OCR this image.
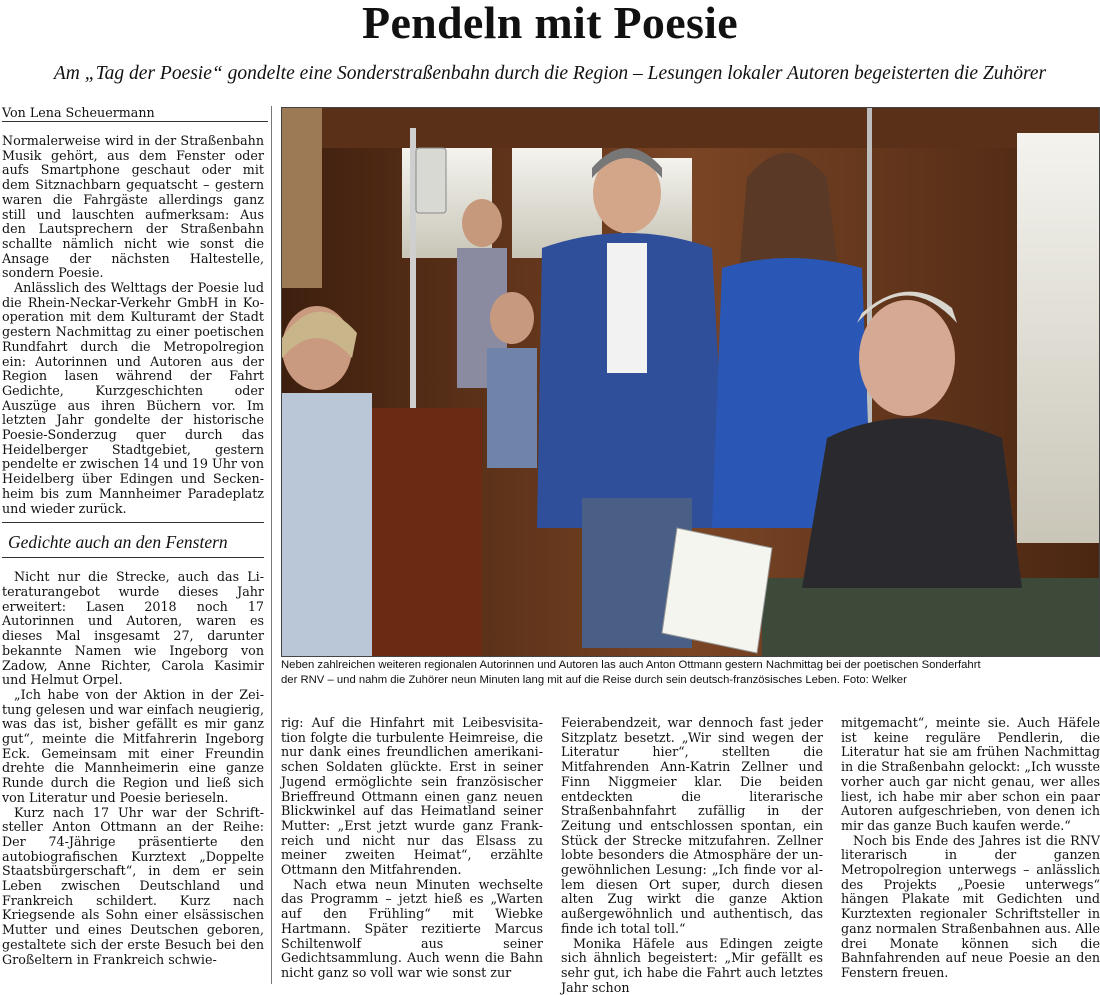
Pendeln mit Poesie

Am „Tag der Poesie“ gondelte eine Sonderstraßenbahn durch die Region – Lesungen lokaler Autoren begeisterten die Zuhörer

Von Lena Scheuermann

Normalerweise wird in der Straßenbahn Musik gehört, aus dem Fenster oder aufs Smartphone geschaut oder mit dem Sitznachbarn gequatscht – gestern waren die Fahrgäste allerdings ganz still und lauschten aufmerksam: Aus den Lautsprechern der Straßenbahn schallte nämlich nicht wie sonst die Ansage der nächsten Haltestelle, sondern Poesie.

Anlässlich des Welttags der Poesie lud die Rhein-Neckar-Verkehr GmbH in Kooperation mit dem Kulturamt der Stadt gestern Nachmittag zu einer poetischen Rundfahrt durch die Metropolregion ein: Autorinnen und Autoren aus der Region lasen während der Fahrt Gedichte, Kurzgeschichten oder Auszüge aus ihren Büchern vor. Im letzten Jahr gondelte der historische Poesie-Sonderzug quer durch das Heidelberger Stadtgebiet, gestern pendelte er zwischen 14 und 19 Uhr von Heidelberg über Edingen und Seckenheim bis zum Mannheimer Paradeplatz und wieder zurück.

Gedichte auch an den Fenstern

Nicht nur die Strecke, auch das Literaturangebot wurde dieses Jahr erweitert: Lasen 2018 noch 17 Autorinnen und Autoren, waren es dieses Mal insgesamt 27, darunter bekannte Namen wie Ingeborg von Zadow, Anne Richter, Carola Kasimir und Helmut Orpel.

„Ich habe von der Aktion in der Zeitung gelesen und war einfach neugierig, was das ist, bisher gefällt es mir ganz gut“, meinte die Mitfahrerin Ingeborg Eck. Gemeinsam mit einer Freundin drehte die Mannheimerin eine ganze Runde durch die Region und ließ sich von Literatur und Poesie berieseln.

Kurz nach 17 Uhr war der Schriftsteller Anton Ottmann an der Reihe: Der 74-Jährige präsentierte den autobiografischen Kurztext „Doppelte Staatsbürgerschaft“, in dem er sein Leben zwischen Deutschland und Frankreich schildert. Kurz nach Kriegsende als Sohn einer elsässischen Mutter und eines Deutschen geboren, gestaltete sich der erste Besuch bei den Großeltern in Frankreich schwie-

Neben zahlreichen weiteren regionalen Autorinnen und Autoren las auch Anton Ottmann gestern Nachmittag bei der poetischen Sonderfahrt
der RNV – und nahm die Zuhörer neun Minuten lang mit auf die Reise durch sein deutsch-französisches Leben. Foto: Welker

rig: Auf die Hinfahrt mit Leibesvisitation folgte die turbulente Heimreise, die nur dank eines freundlichen amerikanischen Soldaten glückte. Erst in seiner Jugend ermöglichte sein französischer Brieffreund Ottmann einen ganz neuen Blickwinkel auf das Heimatland seiner Mutter: „Erst jetzt wurde ganz Frankreich und nicht nur das Elsass zu meiner zweiten Heimat“, erzählte Ottmann den Mitfahrenden.

Nach etwa neun Minuten wechselte das Programm – jetzt hieß es „Warten auf den Frühling“ mit Wiebke Hartmann. Später rezitierte Marcus Schiltenwolf aus seiner Gedichtsammlung. Auch wenn die Bahn nicht ganz so voll war wie sonst zur

Feierabendzeit, war dennoch fast jeder Sitzplatz besetzt. „Wir sind wegen der Literatur hier“, stellten die Mitfahrenden Ann-Katrin Zellner und Finn Niggmeier klar. Die beiden entdeckten die literarische Straßenbahnfahrt zufällig in der Zeitung und entschlossen spontan, ein Stück der Strecke mitzufahren. Zellner lobte besonders die Atmosphäre der ungewöhnlichen Lesung: „Ich finde vor allem diesen Ort super, durch diesen alten Zug wirkt die ganze Aktion außergewöhnlich und authentisch, das finde ich total toll.“

Monika Häfele aus Edingen zeigte sich ähnlich begeistert: „Mir gefällt es sehr gut, ich habe die Fahrt auch letztes Jahr schon

mitgemacht“, meinte sie. Auch Häfele ist keine reguläre Pendlerin, die Literatur hat sie am frühen Nachmittag in die Straßenbahn gelockt: „Ich wusste vorher auch gar nicht genau, wer alles liest, ich habe mir aber schon ein paar Autoren aufgeschrieben, von denen ich mir das ganze Buch kaufen werde.“

Noch bis Ende des Jahres ist die RNV literarisch in der ganzen Metropolregion unterwegs – anlässlich des Projekts „Poesie unterwegs“ hängen Plakate mit Gedichten und Kurztexten regionaler Schriftsteller in ganz normalen Straßenbahnen aus. Alle drei Monate können sich die Bahnfahrenden auf neue Poesie an den Fenstern freuen.
